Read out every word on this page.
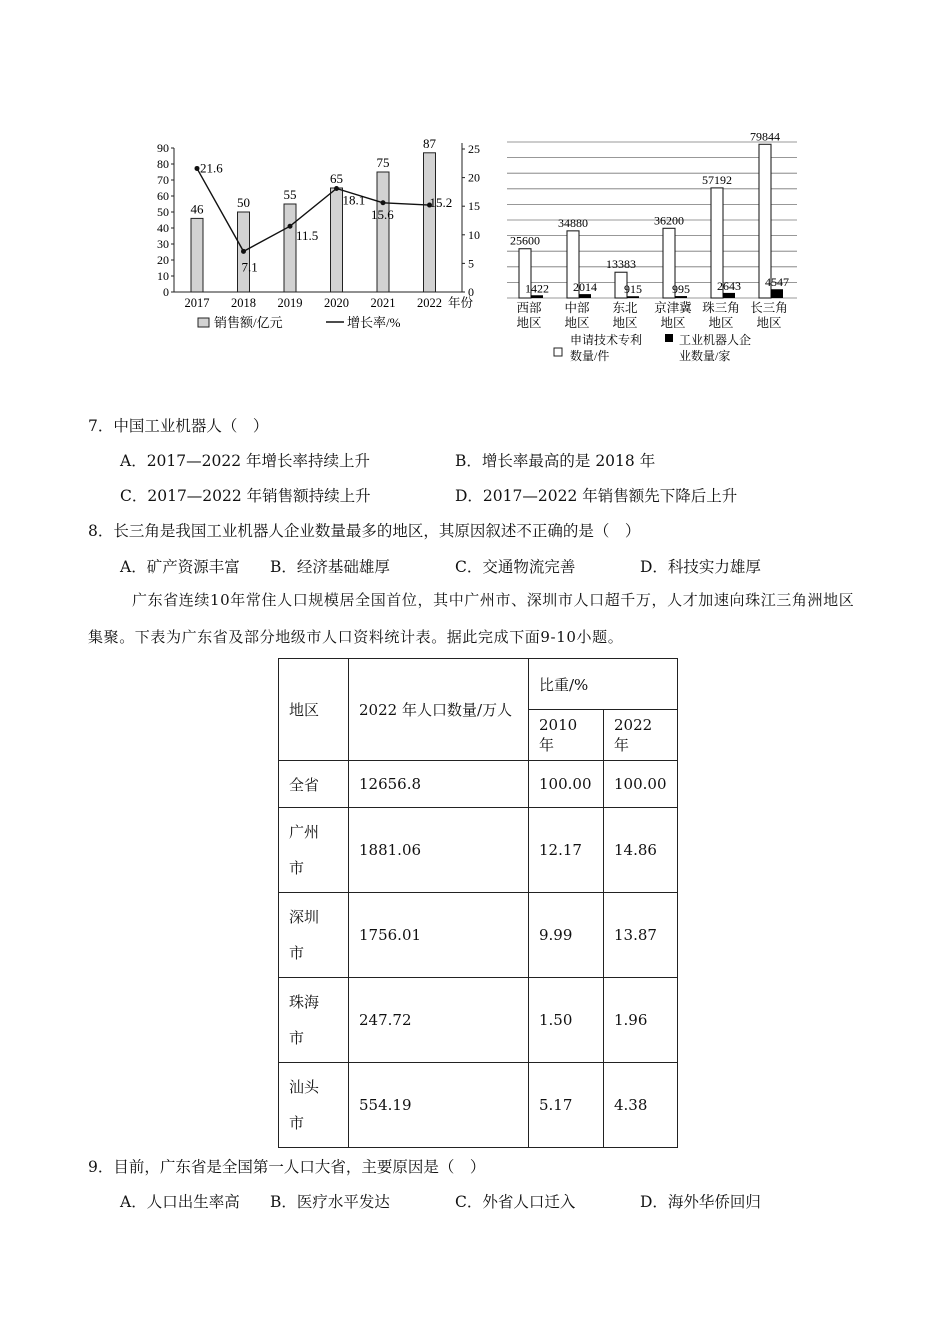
0
10
20
30
40
50
60
70
80
90
0
5
10
15
20
25
46
2017
50
2018
55
2019
65
2020
75
2021
87
2022 年份
21.6
7.1
11.5
18.1
15.6
15.2
销售额/亿元	增长率/%
25600
1422
西部
地区
34880
2014
中部
地区
13383
915
东北
地区
36200
995
京津冀
地区
57192
2643
珠三角
地区
79844
4547
长三角
地区
申请技术专利
数量/件
工业机器人企
业数量/家
7．中国工业机器人（　）
A．2017—2022 年增长率持续上升	B．增长率最高的是 2018 年
C．2017—2022 年销售额持续上升	D．2017—2022 年销售额先下降后上升
8．长三角是我国工业机器人企业数量最多的地区，其原因叙述不正确的是（　）
A．矿产资源丰富 B．经济基础雄厚	C．交通物流完善	D．科技实力雄厚
广东省连续10年常住人口规模居全国首位，其中广州市、深圳市人口超千万，人才加速向珠江三角洲地区集聚。下表为广东省及部分地级市人口资料统计表。据此完成下面9-10小题。
地区	2022 年人口数量/万人	比重/%	
		2010 年	2022 年
全省	12656.8	100.00	100.00
广州
市	1881.06	12.17	14.86
深圳
市	1756.01	9.99	13.87
珠海
市	247.72	1.50	1.96
汕头
市	554.19	5.17	4.38
9．目前，广东省是全国第一人口大省，主要原因是（　）
A．人口出生率高 B．医疗水平发达	C．外省人口迁入	D．海外华侨回归
